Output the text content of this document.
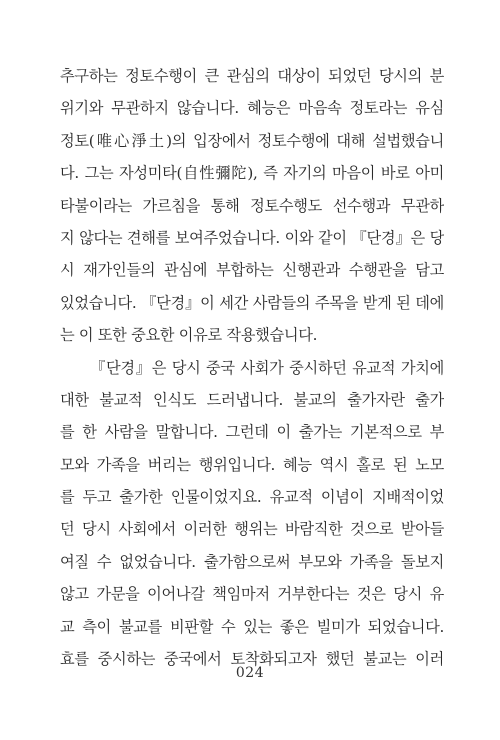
추구하는 정토수행이 큰 관심의 대상이 되었던 당시의 분
위기와 무관하지 않습니다. 혜능은 마음속 정토라는 유심
정토(唯心淨土)의 입장에서 정토수행에 대해 설법했습니
다. 그는 자성미타(自性彌陀), 즉 자기의 마음이 바로 아미
타불이라는 가르침을 통해 정토수행도 선수행과 무관하
지 않다는 견해를 보여주었습니다. 이와 같이 『단경』은 당
시 재가인들의 관심에 부합하는 신행관과 수행관을 담고
있었습니다. 『단경』이 세간 사람들의 주목을 받게 된 데에
는 이 또한 중요한 이유로 작용했습니다.
『단경』은 당시 중국 사회가 중시하던 유교적 가치에
대한 불교적 인식도 드러냅니다. 불교의 출가자란 출가
를 한 사람을 말합니다. 그런데 이 출가는 기본적으로 부
모와 가족을 버리는 행위입니다. 혜능 역시 홀로 된 노모
를 두고 출가한 인물이었지요. 유교적 이념이 지배적이었
던 당시 사회에서 이러한 행위는 바람직한 것으로 받아들
여질 수 없었습니다. 출가함으로써 부모와 가족을 돌보지
않고 가문을 이어나갈 책임마저 거부한다는 것은 당시 유
교 측이 불교를 비판할 수 있는 좋은 빌미가 되었습니다.
효를 중시하는 중국에서 토착화되고자 했던 불교는 이러
024
